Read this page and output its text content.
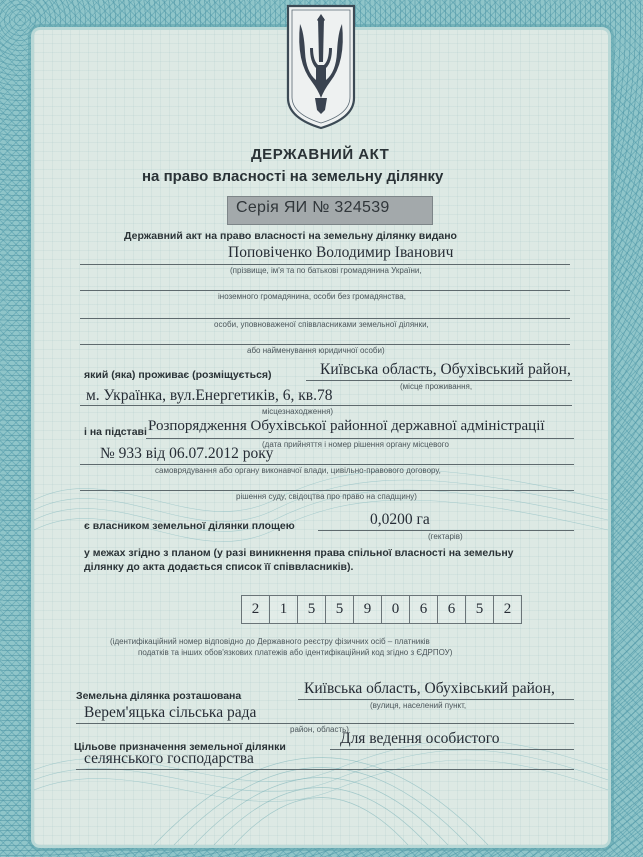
ДЕРЖАВНИЙ АКТ
на право власності на земельну ділянку
Серія ЯИ № 324539
Державний акт на право власності на земельну ділянку видано
Поповіченко Володимир Іванович
(прізвище, ім'я та по батькові громадянина України,
іноземного громадянина, особи без громадянства,
особи, уповноваженої співвласниками земельної ділянки,
або найменування юридичної особи)
який (яка) проживає (розміщується)	Київська область, Обухівський район,
(місце проживання,
м. Українка, вул.Енергетиків, 6, кв.78
місцезнаходження)
і на підставі Розпорядження Обухівської районної державної адміністрації
(дата прийняття і номер рішення органу місцевого
№ 933 від 06.07.2012 року
самоврядування або органу виконавчої влади, цивільно-правового договору,
рішення суду, свідоцтва про право на спадщину)
є власником земельної ділянки площею	0,0200 га
(гектарів)
у межах згідно з планом (у разі виникнення права спільної власності на земельну
ділянку до акта додається список її співвласників).
2	1	5	5	9	0	6	6	5	2
(ідентифікаційний номер відповідно до Державного реєстру фізичних осіб – платників
податків та інших обов'язкових платежів або ідентифікаційний код згідно з ЄДРПОУ)
Земельна ділянка розташована	Київська область, Обухівський район,
(вулиця, населений пункт,
Верем'яцька сільська рада
район, область)
Цільове призначення земельної ділянки	Для ведення особистого
селянського господарства
